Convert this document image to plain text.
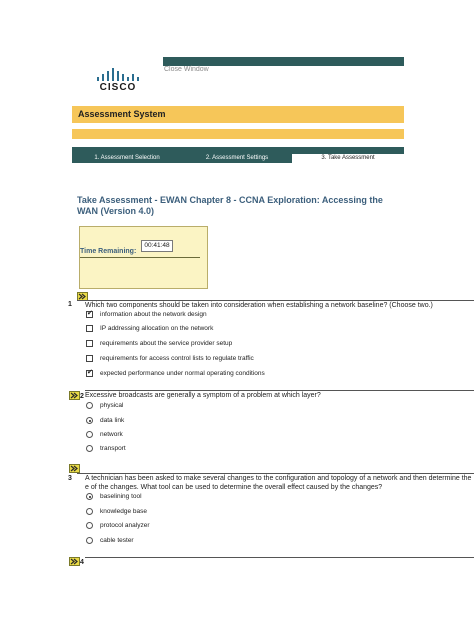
Close Window
CISCO
Assessment System
1. Assessment Selection	2. Assessment Settings	3. Take Assessment
Take Assessment - EWAN Chapter 8 - CCNA Exploration: Accessing the WAN (Version 4.0)
00:41:48
Time Remaining:
1 Which two components should be taken into consideration when establishing a network baseline? (Choose two.)
✔
information about the network design
IP addressing allocation on the network
requirements about the service provider setup
requirements for access control lists to regulate traffic
✔
expected performance under normal operating conditions
2 Excessive broadcasts are generally a symptom of a problem at which layer?
physical
data link
network
transport
3 A technician has been asked to make several changes to the configuration and topology of a network and then determine the e of the changes. What tool can be used to determine the overall effect caused by the changes?
baselining tool
knowledge base
protocol analyzer
cable tester
4
